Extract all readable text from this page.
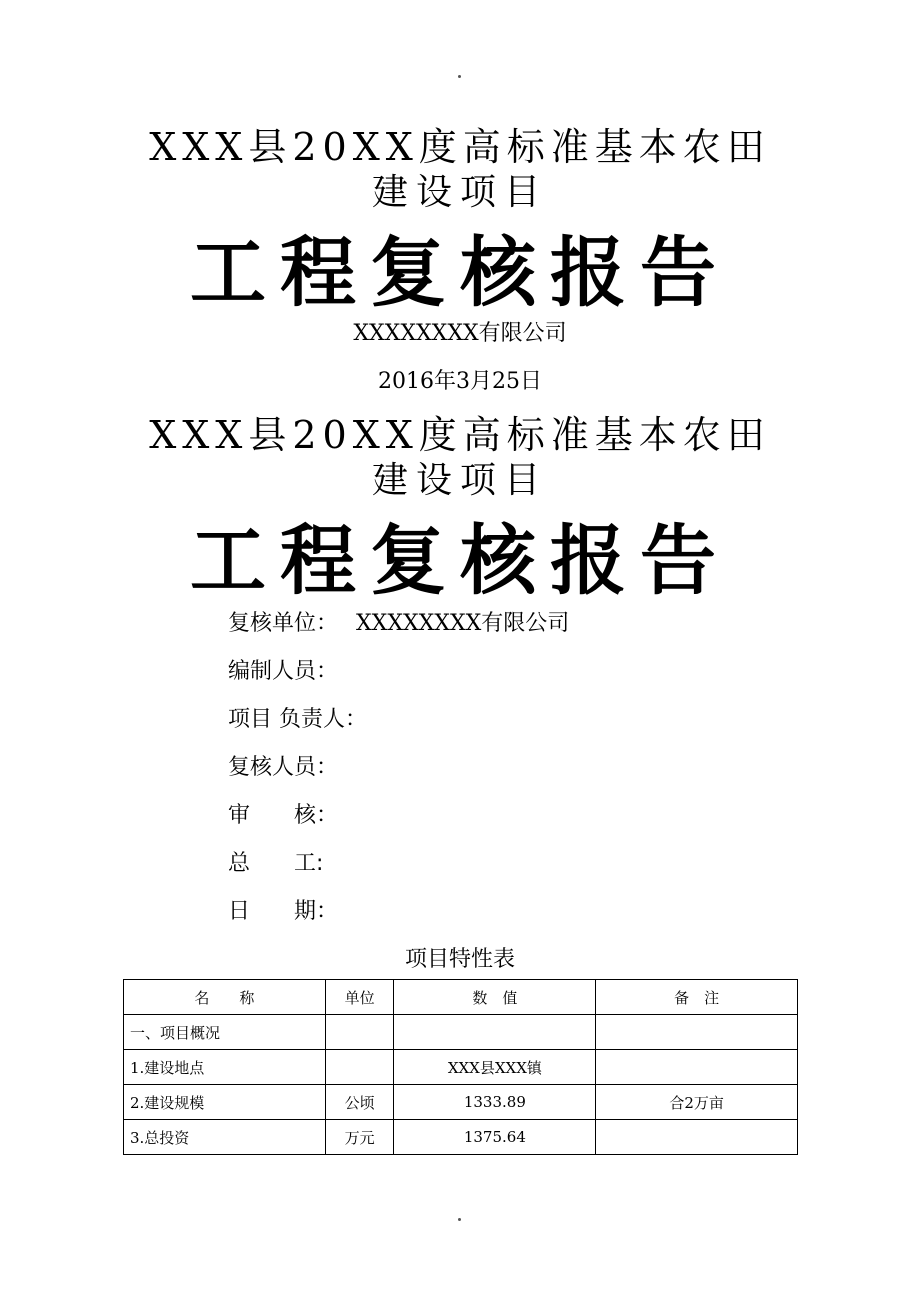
XXX县20XX度高标准基本农田
建设项目
工程复核报告
XXXXXXXX有限公司
2016年3月25日
XXX县20XX度高标准基本农田
建设项目
工程复核报告
复核单位： XXXXXXXX有限公司
编制人员：
项目 负责人：
复核人员：
审　　核：
总　　工:
日　　期：
项目特性表
名　　称	单位	数　值	备　注
一、项目概况			
1.建设地点		XXX县XXX镇	
2.建设规模	公顷	1333.89	合2万亩
3.总投资	万元	1375.64	
